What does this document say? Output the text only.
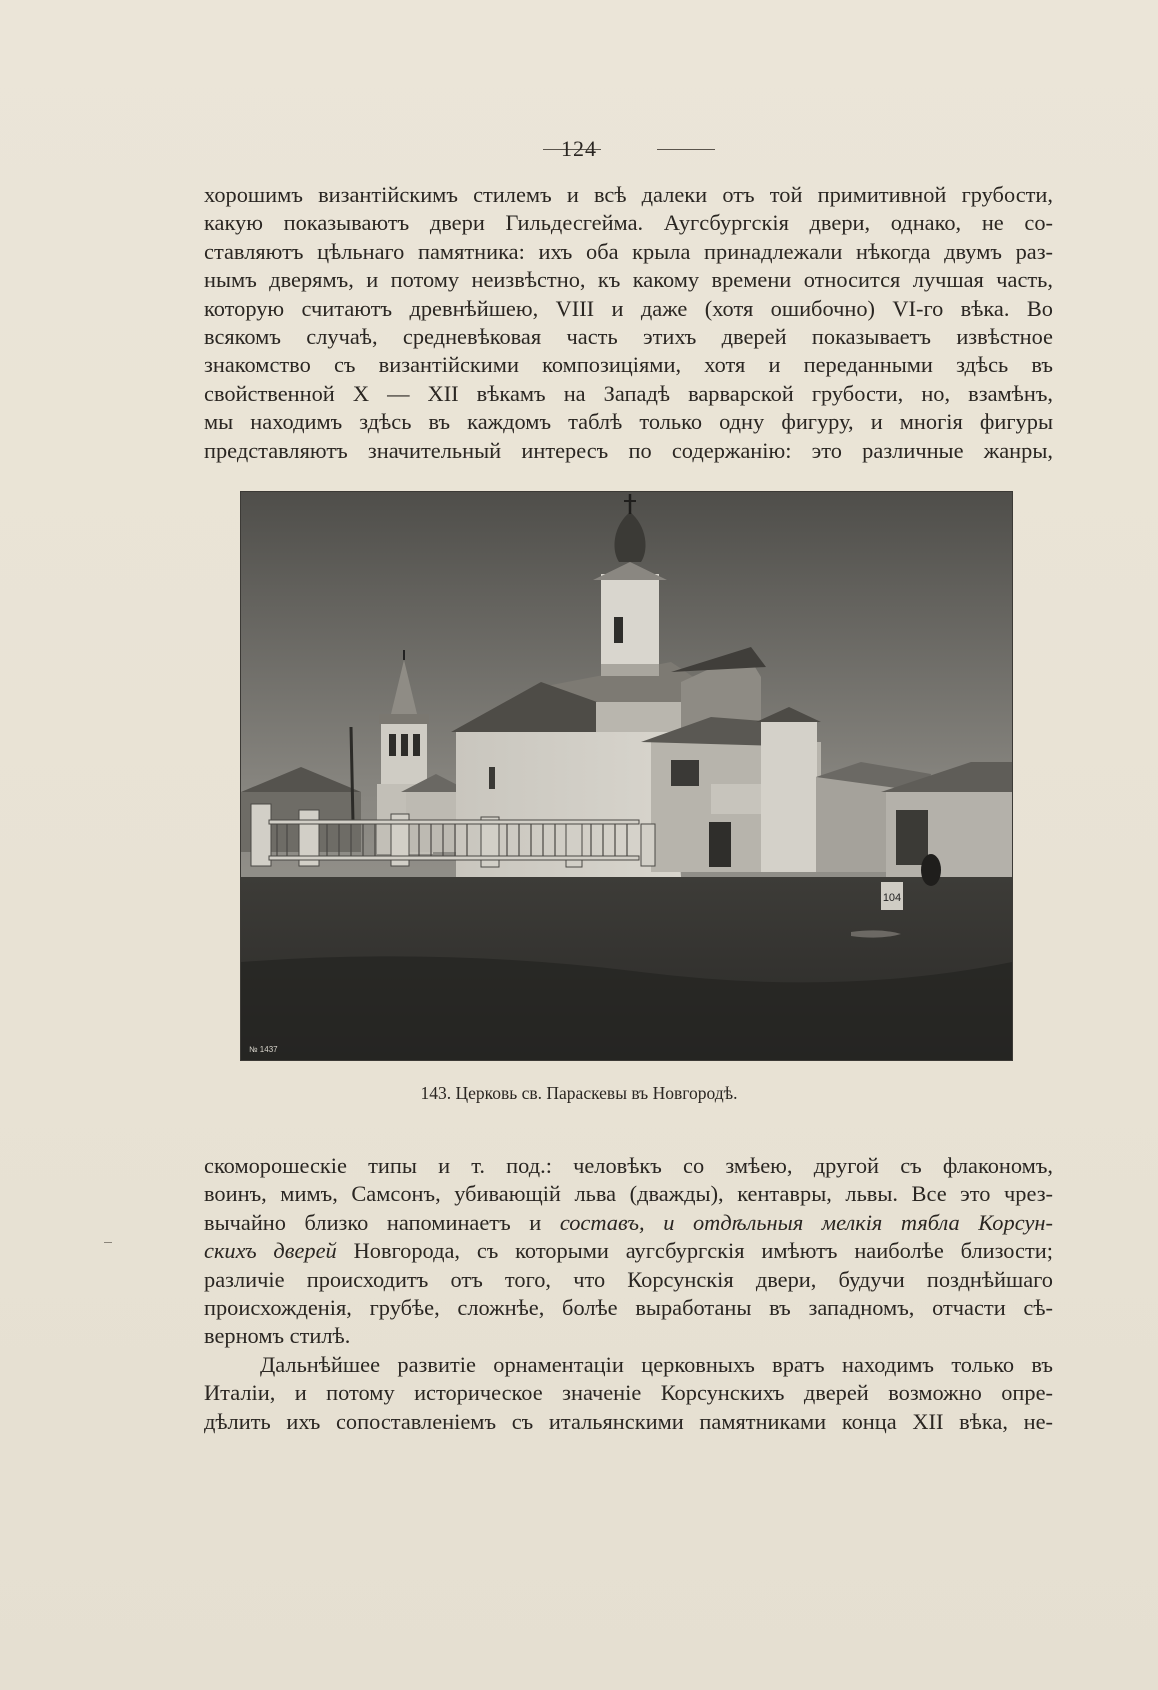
124
хорошимъ византійскимъ стилемъ и всѣ далеки отъ той примитивной грубости,
какую показываютъ двери Гильдесгейма. Аугсбургскія двери, однако, не со-
ставляютъ цѣльнаго памятника: ихъ оба крыла принадлежали нѣкогда двумъ раз-
нымъ дверямъ, и потому неизвѣстно, къ какому времени относится лучшая часть,
которую считаютъ древнѣйшею, VIII и даже (хотя ошибочно) VI-го вѣка. Во
всякомъ случаѣ, средневѣковая часть этихъ дверей показываетъ извѣстное
знакомство съ византійскими композиціями, хотя и переданными здѣсь въ
свойственной X — XII вѣкамъ на Западѣ варварской грубости, но, взамѣнъ,
мы находимъ здѣсь въ каждомъ таблѣ только одну фигуру, и многія фигуры
представляютъ значительный интересъ по содержанію: это различные жанры,
104
№ 1437
143. Церковь св. Параскевы въ Новгородѣ.
скоморошескіе типы и т. под.: человѣкъ со змѣею, другой съ флакономъ,
воинъ, мимъ, Самсонъ, убивающій льва (дважды), кентавры, львы. Все это чрез-
вычайно близко напоминаетъ и составъ, и отдѣльныя мелкія тябла Корсун-
скихъ дверей Новгорода, съ которыми аугсбургскія имѣютъ наиболѣе близости;
различіе происходитъ отъ того, что Корсунскія двери, будучи позднѣйшаго
происхожденія, грубѣе, сложнѣе, болѣе выработаны въ западномъ, отчасти сѣ-
верномъ стилѣ.
Дальнѣйшее развитіе орнаментаціи церковныхъ вратъ находимъ только въ
Италіи, и потому историческое значеніе Корсунскихъ дверей возможно опре-
дѣлить ихъ сопоставленіемъ съ итальянскими памятниками конца XII вѣка, не-
